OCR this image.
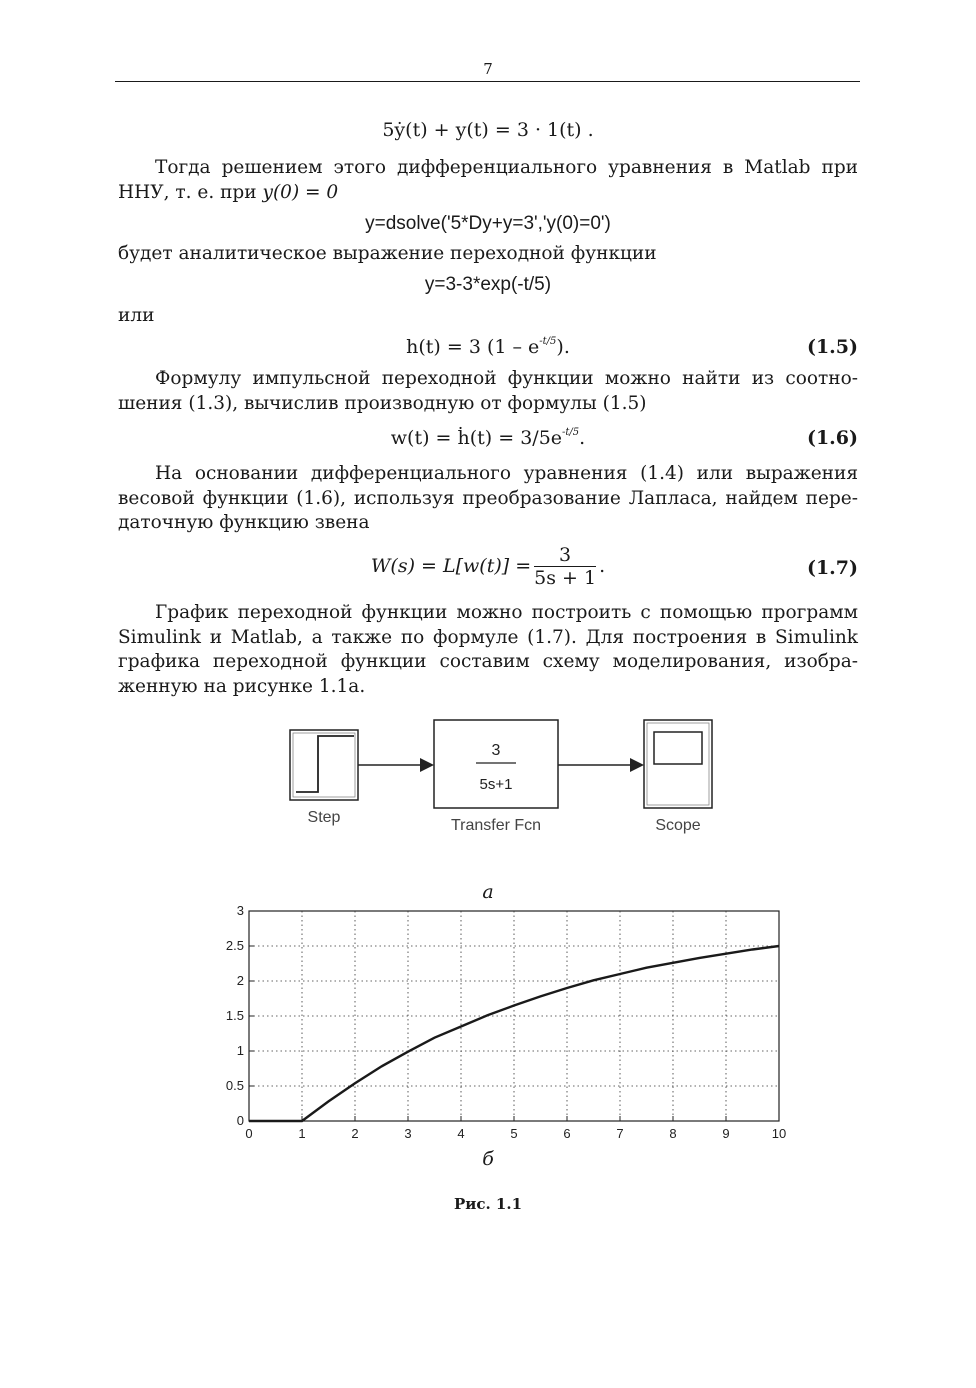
7
5ẏ(t) + y(t) = 3 · 1(t) .
Тогда решением этого дифференциального уравнения в Matlab при
ННУ, т. е. при y(0) = 0
y=dsolve('5*Dy+y=3','y(0)=0')
будет аналитическое выражение переходной функции
y=3-3*exp(-t/5)
или
h(t) = 3 $(1 - e^{-t/5})$.	(1.5)
Формулу импульсной переходной функции можно найти из соотно-
шения (1.3), вычислив производную от формулы (1.5)
w(t) = ḣ(t) = $3/5e^{-t/5}$.	(1.6)
На основании дифференциального уравнения (1.4) или выражения
весовой функции (1.6), используя преобразование Лапласа, найдем пере-
даточную функцию звена
$W(s) = L[w(t)] = \frac{3}{5s + 1}$ .	(1.7)
График переходной функции можно построить с помощью программ
Simulink и Matlab, а также по формуле (1.7). Для построения в Simulink
графика переходной функции составим схему моделирования, изобра-
женную на рисунке 1.1а.
Step
3
5s+1
Transfer Fcn	Scope
а
0	1	2	3	4	5	6	7	8	9	10
0
0.5
1
1.5
2
2.5
3
б
Рис. 1.1
